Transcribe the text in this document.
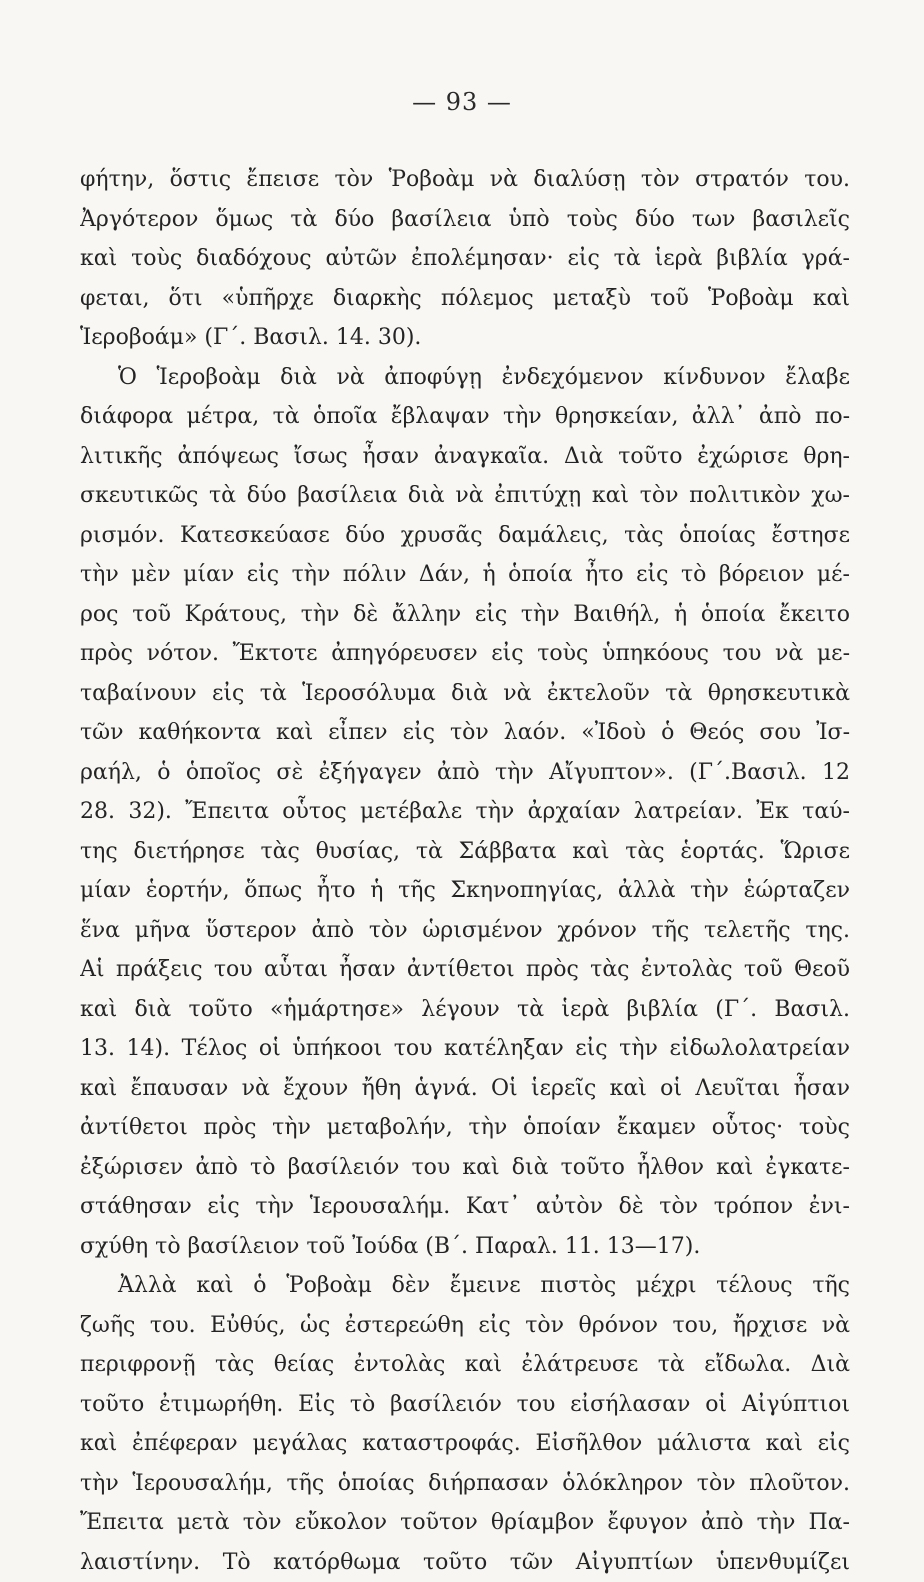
— 93 —
φήτην, ὅστις ἔπεισε τὸν Ῥοβοὰμ νὰ διαλύσῃ τὸν στρατόν του.
Ἀργότερον ὅμως τὰ δύο βασίλεια ὑπὸ τοὺς δύο των βασιλεῖς
καὶ τοὺς διαδόχους αὐτῶν ἐπολέμησαν· εἰς τὰ ἱερὰ βιβλία γρά-
φεται, ὅτι «ὑπῆρχε διαρκὴς πόλεμος μεταξὺ τοῦ Ῥοβοὰμ καὶ
Ἱεροβοάμ» (Γ΄. Βασιλ. 14. 30).
Ὁ Ἱεροβοὰμ διὰ νὰ ἀποφύγῃ ἐνδεχόμενον κίνδυνον ἔλαβε
διάφορα μέτρα, τὰ ὁποῖα ἔβλαψαν τὴν θρησκείαν, ἀλλ᾽ ἀπὸ πο-
λιτικῆς ἀπόψεως ἴσως ἦσαν ἀναγκαῖα. Διὰ τοῦτο ἐχώρισε θρη-
σκευτικῶς τὰ δύο βασίλεια διὰ νὰ ἐπιτύχῃ καὶ τὸν πολιτικὸν χω-
ρισμόν. Κατεσκεύασε δύο χρυσᾶς δαμάλεις, τὰς ὁποίας ἔστησε
τὴν μὲν μίαν εἰς τὴν πόλιν Δάν, ἡ ὁποία ἦτο εἰς τὸ βόρειον μέ-
ρος τοῦ Κράτους, τὴν δὲ ἄλλην εἰς τὴν Βαιθήλ, ἡ ὁποία ἔκειτο
πρὸς νότον. Ἔκτοτε ἀπηγόρευσεν εἰς τοὺς ὑπηκόους του νὰ με-
ταβαίνουν εἰς τὰ Ἱεροσόλυμα διὰ νὰ ἐκτελοῦν τὰ θρησκευτικὰ
τῶν καθήκοντα καὶ εἶπεν εἰς τὸν λαόν. «Ἰδοὺ ὁ Θεός σου Ἰσ-
ραήλ, ὁ ὁποῖος σὲ ἐξήγαγεν ἀπὸ τὴν Αἴγυπτον». (Γ΄.Βασιλ. 12
28. 32). Ἔπειτα οὗτος μετέβαλε τὴν ἀρχαίαν λατρείαν. Ἐκ ταύ-
της διετήρησε τὰς θυσίας, τὰ Σάββατα καὶ τὰς ἑορτάς. Ὥρισε
μίαν ἑορτήν, ὅπως ἦτο ἡ τῆς Σκηνοπηγίας, ἀλλὰ τὴν ἑώρταζεν
ἕνα μῆνα ὕστερον ἀπὸ τὸν ὡρισμένον χρόνον τῆς τελετῆς της.
Αἱ πράξεις του αὗται ἦσαν ἀντίθετοι πρὸς τὰς ἐντολὰς τοῦ Θεοῦ
καὶ διὰ τοῦτο «ἡμάρτησε» λέγουν τὰ ἱερὰ βιβλία (Γ΄. Βασιλ.
13. 14). Τέλος οἱ ὑπήκοοι του κατέληξαν εἰς τὴν εἰδωλολατρείαν
καὶ ἔπαυσαν νὰ ἔχουν ἤθη ἁγνά. Οἱ ἱερεῖς καὶ οἱ Λευῖται ἦσαν
ἀντίθετοι πρὸς τὴν μεταβολήν, τὴν ὁποίαν ἔκαμεν οὗτος· τοὺς
ἐξώρισεν ἀπὸ τὸ βασίλειόν του καὶ διὰ τοῦτο ἦλθον καὶ ἐγκατε-
στάθησαν εἰς τὴν Ἱερουσαλήμ. Κατ᾽ αὐτὸν δὲ τὸν τρόπον ἐνι-
σχύθη τὸ βασίλειον τοῦ Ἰούδα (Β΄. Παραλ. 11. 13—17).
Ἀλλὰ καὶ ὁ Ῥοβοὰμ δὲν ἔμεινε πιστὸς μέχρι τέλους τῆς
ζωῆς του. Εὐθύς, ὡς ἐστερεώθη εἰς τὸν θρόνον του, ἤρχισε νὰ
περιφρονῇ τὰς θείας ἐντολὰς καὶ ἐλάτρευσε τὰ εἴδωλα. Διὰ
τοῦτο ἐτιμωρήθη. Εἰς τὸ βασίλειόν του εἰσήλασαν οἱ Αἰγύπτιοι
καὶ ἐπέφεραν μεγάλας καταστροφάς. Εἰσῆλθον μάλιστα καὶ εἰς
τὴν Ἱερουσαλήμ, τῆς ὁποίας διήρπασαν ὁλόκληρον τὸν πλοῦτον.
Ἔπειτα μετὰ τὸν εὔκολον τοῦτον θρίαμβον ἔφυγον ἀπὸ τὴν Πα-
λαιστίνην. Τὸ κατόρθωμα τοῦτο τῶν Αἰγυπτίων ὑπενθυμίζει
